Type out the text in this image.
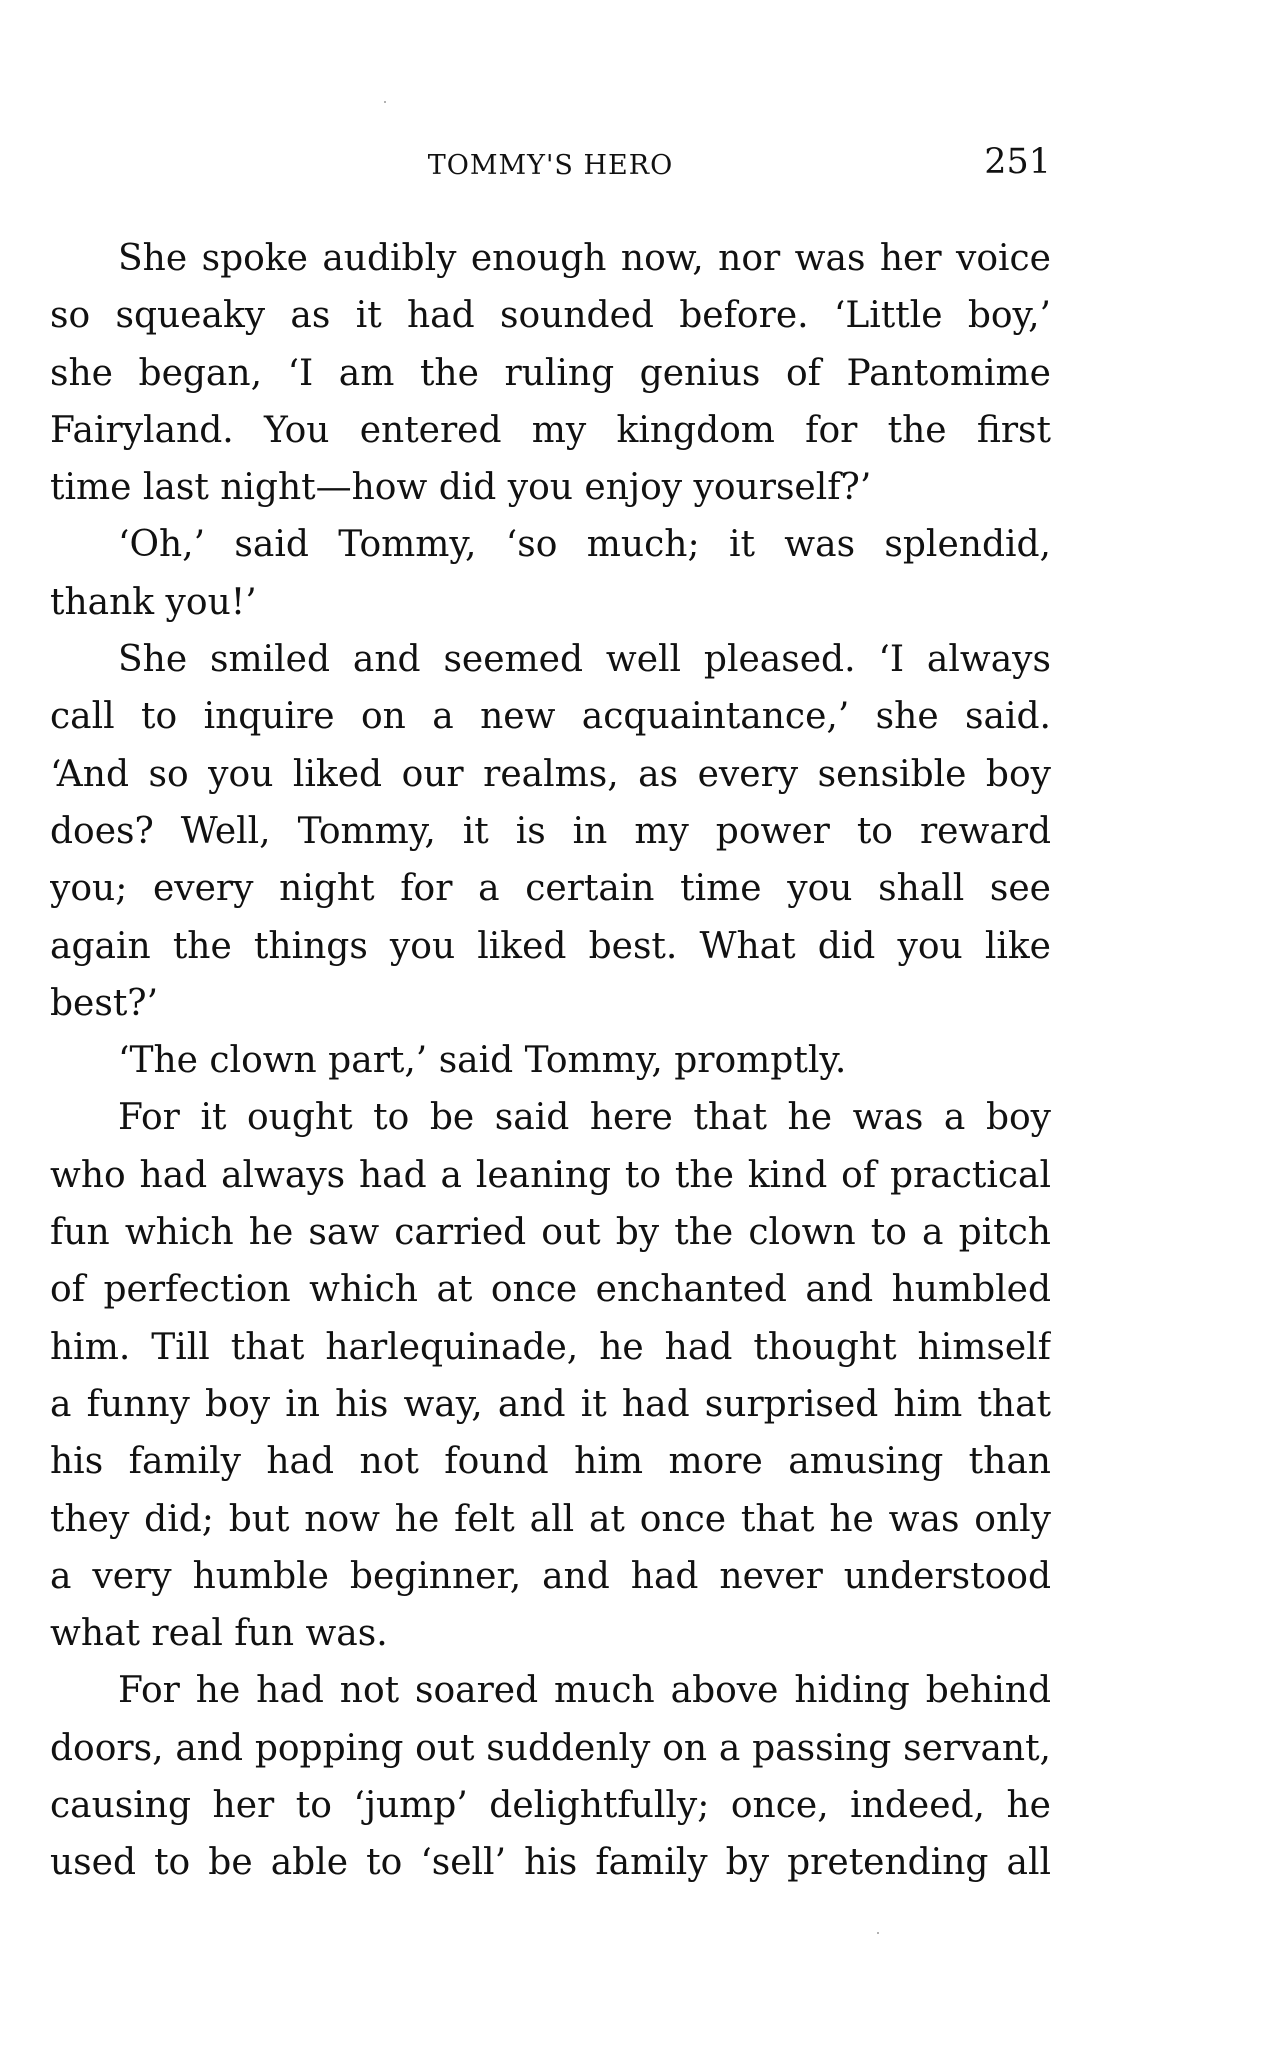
TOMMY'S HERO	251
She spoke audibly enough now, nor was her voice
so squeaky as it had sounded before. ‘Little boy,’
she began, ‘I am the ruling genius of Pantomime
Fairyland. You entered my kingdom for the first
time last night—how did you enjoy yourself?’
‘Oh,’ said Tommy, ‘so much; it was splendid,
thank you!’
She smiled and seemed well pleased. ‘I always
call to inquire on a new acquaintance,’ she said.
‘And so you liked our realms, as every sensible boy
does? Well, Tommy, it is in my power to reward
you; every night for a certain time you shall see
again the things you liked best. What did you like
best?’
‘The clown part,’ said Tommy, promptly.
For it ought to be said here that he was a boy
who had always had a leaning to the kind of practical
fun which he saw carried out by the clown to a pitch
of perfection which at once enchanted and humbled
him. Till that harlequinade, he had thought himself
a funny boy in his way, and it had surprised him that
his family had not found him more amusing than
they did; but now he felt all at once that he was only
a very humble beginner, and had never understood
what real fun was.
For he had not soared much above hiding behind
doors, and popping out suddenly on a passing servant,
causing her to ‘jump’ delightfully; once, indeed, he
used to be able to ‘sell’ his family by pretending all
